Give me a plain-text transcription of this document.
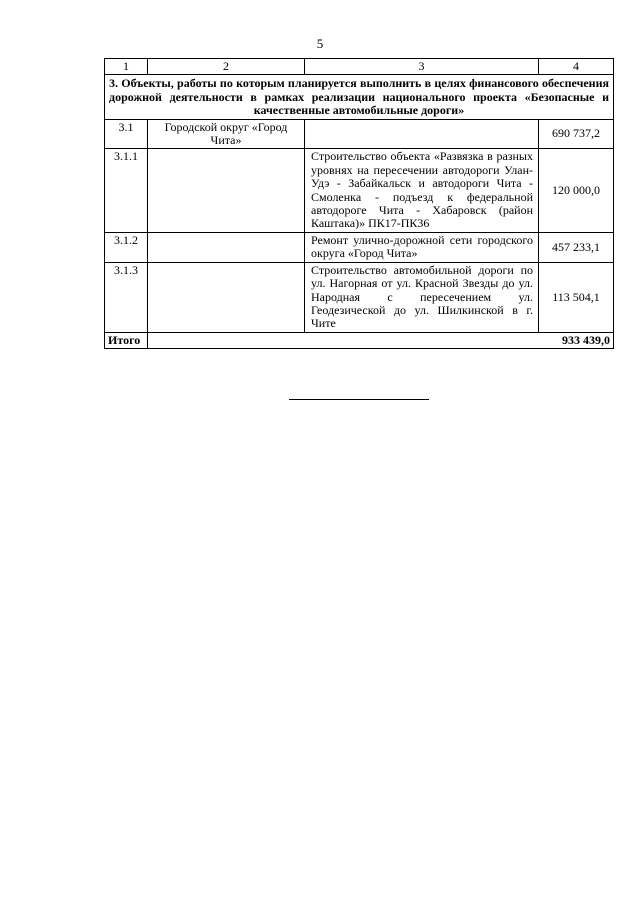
5
1	2	3	4
3. Объекты, работы по которым планируется выполнить в целях финансового обеспечения дорожной деятельности в рамках реализации национального проекта «Безопасные и качественные автомобильные дороги»			
3.1	Городской округ «Город Чита»		690 737,2
3.1.1		Строительство объекта «Развязка в разных уровнях на пересечении автодороги Улан-Удэ - Забайкальск и автодороги Чита - Смоленка - подъезд к федеральной автодороге Чита - Хабаровск (район Каштака)» ПК17-ПК36	120 000,0
3.1.2		Ремонт улично-дорожной сети городского округа «Город Чита»	457 233,1
3.1.3		Строительство автомобильной дороги по ул. Нагорная от ул. Красной Звезды до ул. Народная с пересечением ул. Геодезической до ул. Шилкинской в г. Чите	113 504,1
Итого	933 439,0		
